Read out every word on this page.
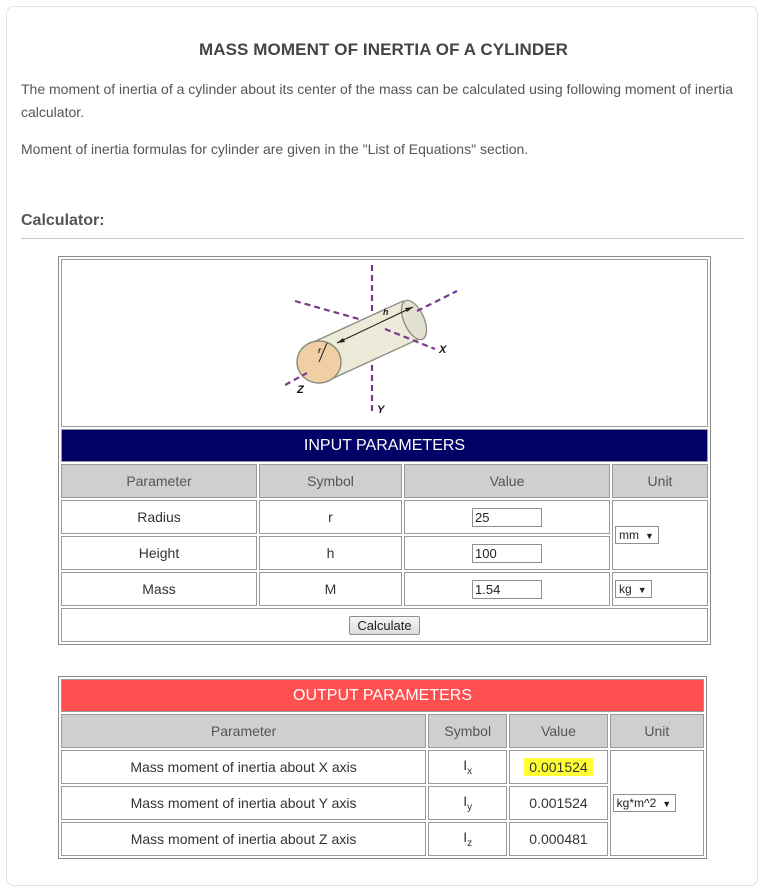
MASS MOMENT OF INERTIA OF A CYLINDER
The moment of inertia of a cylinder about its center of the mass can be calculated using following moment of inertia calculator.
Moment of inertia formulas for cylinder are given in the "List of Equations" section.
Calculator:
h
r X
Z
Y			

INPUT PARAMETERS			
Parameter	Symbol	Value	Unit
Radius	r	25	mm ▼
Height	h	100
Mass	M	1.54	kg ▼
Calculate			
OUTPUT PARAMETERS			
Parameter	Symbol	Value	Unit
Mass moment of inertia about X axis	$I_x$	0.001524	kg*m^2 ▼
Mass moment of inertia about Y axis	$I_y$	0.001524	
Mass moment of inertia about Z axis	$I_z$	0.000481	
